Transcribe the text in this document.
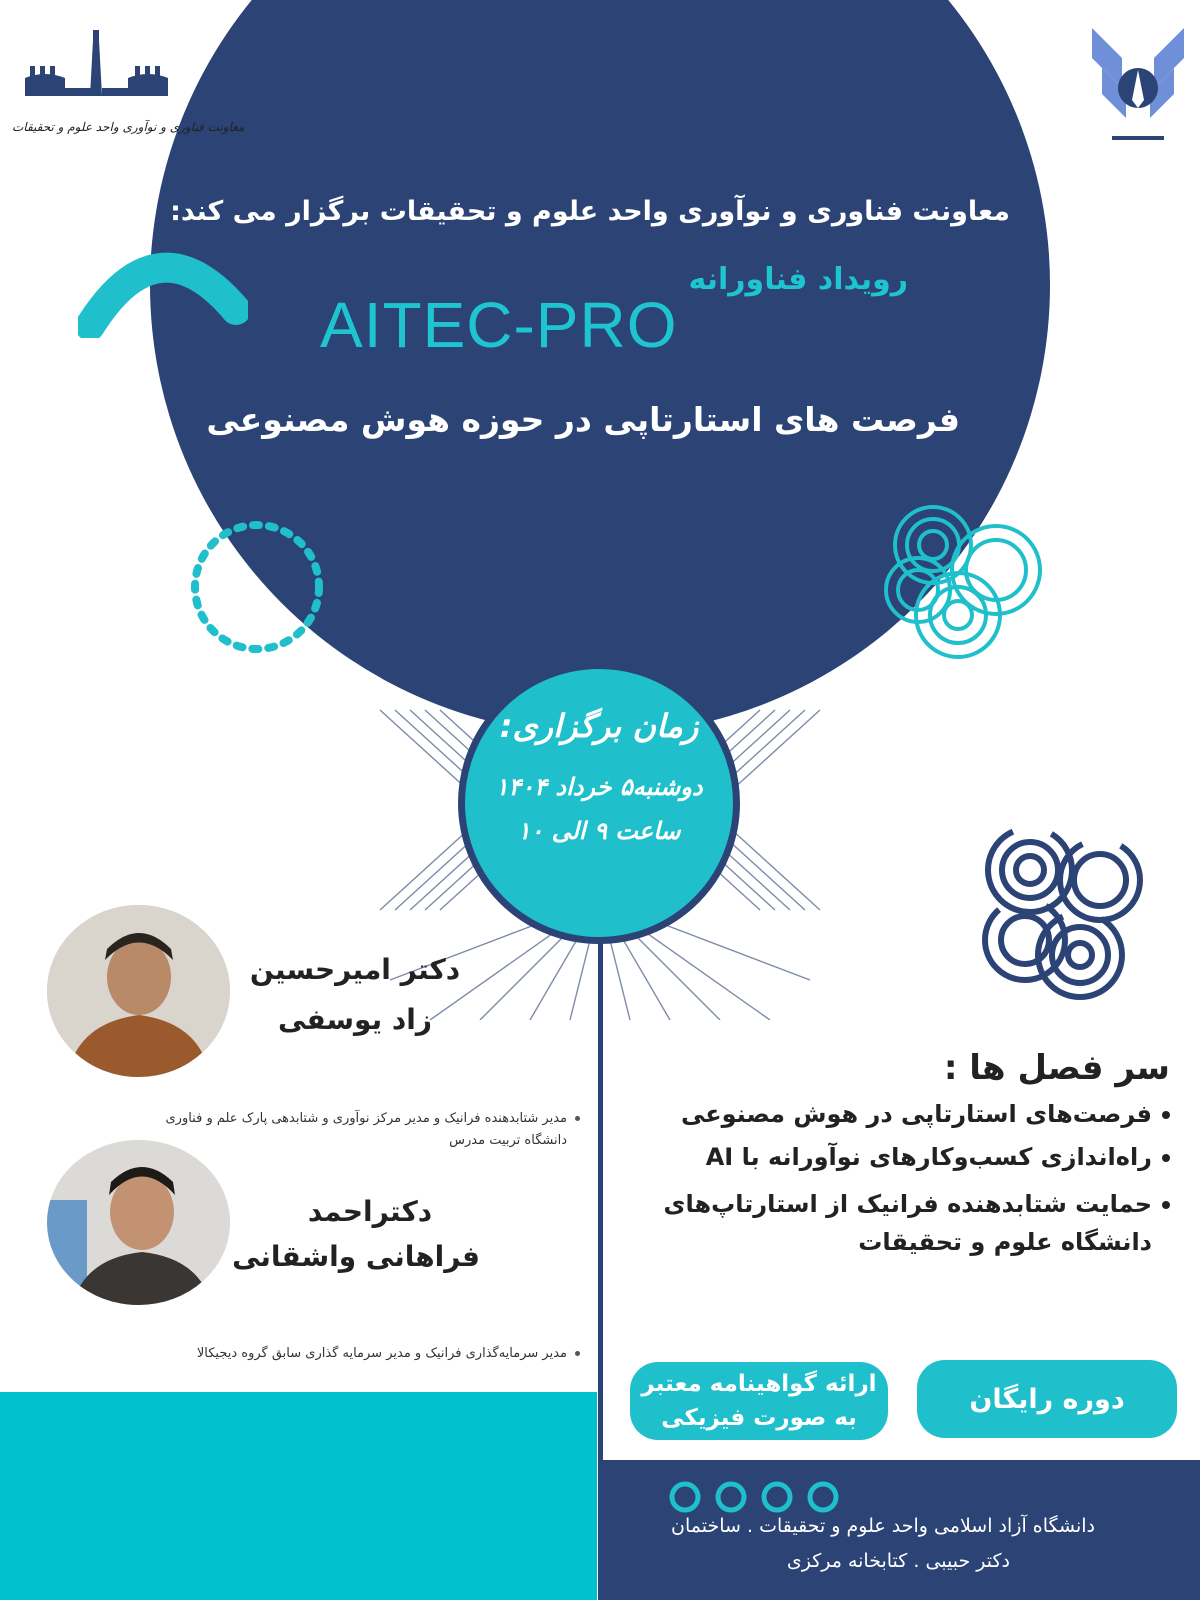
معاونت فناوری و نوآوری واحد علوم و تحقیقات
معاونت فناوری و نوآوری واحد علوم و تحقیقات برگزار می کند:
رویداد فناورانه
AITEC-PRO
فرصت های استارتاپی در حوزه هوش مصنوعی
زمان برگزاری:
دوشنبه۵ خرداد ۱۴۰۴
ساعت ۹ الی ۱۰
دکتر امیرحسین
زاد یوسفی
مدیر شتابدهنده فرانیک و مدیر مرکز نوآوری و شتابدهی پارک علم و فناوری
دانشگاه تربیت مدرس
دکتراحمد
فراهانی واشقانی
مدیر سرمایه‌گذاری فرانیک و مدیر سرمایه گذاری سابق گروه دیجیکالا
سر فصل ها :
فرصت‌های استارتاپی در هوش مصنوعی
راه‌اندازی کسب‌وکارهای نوآورانه با AI
حمایت شتابدهنده فرانیک از استارتاپ‌های
دانشگاه علوم و تحقیقات
دوره رایگان
ارائه گواهینامه معتبر
به صورت فیزیکی
دانشگاه آزاد اسلامی واحد علوم و تحقیقات . ساختمان
دکتر حبیبی . کتابخانه مرکزی
